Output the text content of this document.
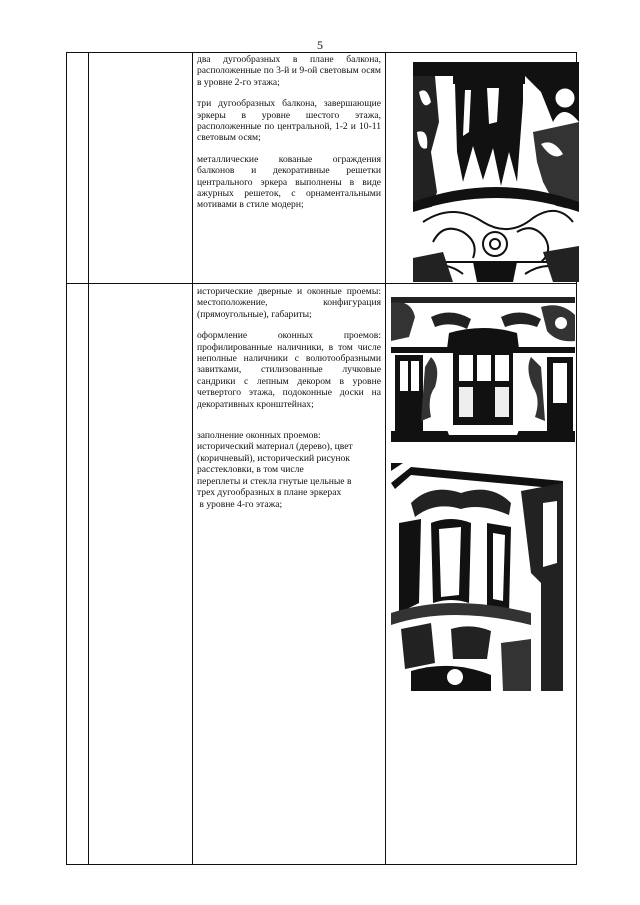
5

два дугообразных в плане балкона, расположенные по 3-й и 9-ой световым осям в уровне 2-го этажа;

три дугообразных балкона, завершающие эркеры в уровне шестого этажа, расположенные по центральной, 1-2 и 10-11 световым осям;

металлические кованые ограждения балконов и декоративные решетки центрального эркера выполнены в виде ажурных решеток, с орнаментальными мотивами в стиле модерн;

исторические дверные и оконные проемы: местоположение, конфигурация (прямоугольные), габариты;

оформление оконных проемов: профилированные наличники, в том числе неполные наличники с волютообразными завитками, стилизованные лучковые сандрики с лепным декором в уровне четвертого этажа, подоконные доски на декоративных кронштейнах;

заполнение оконных проемов:

исторический материал (дерево), цвет

(коричневый), исторический рисунок

расстекловки, в том числе

переплеты и стекла гнутые цельные в

трех дугообразных в плане эркерах

в уровне 4-го этажа;
